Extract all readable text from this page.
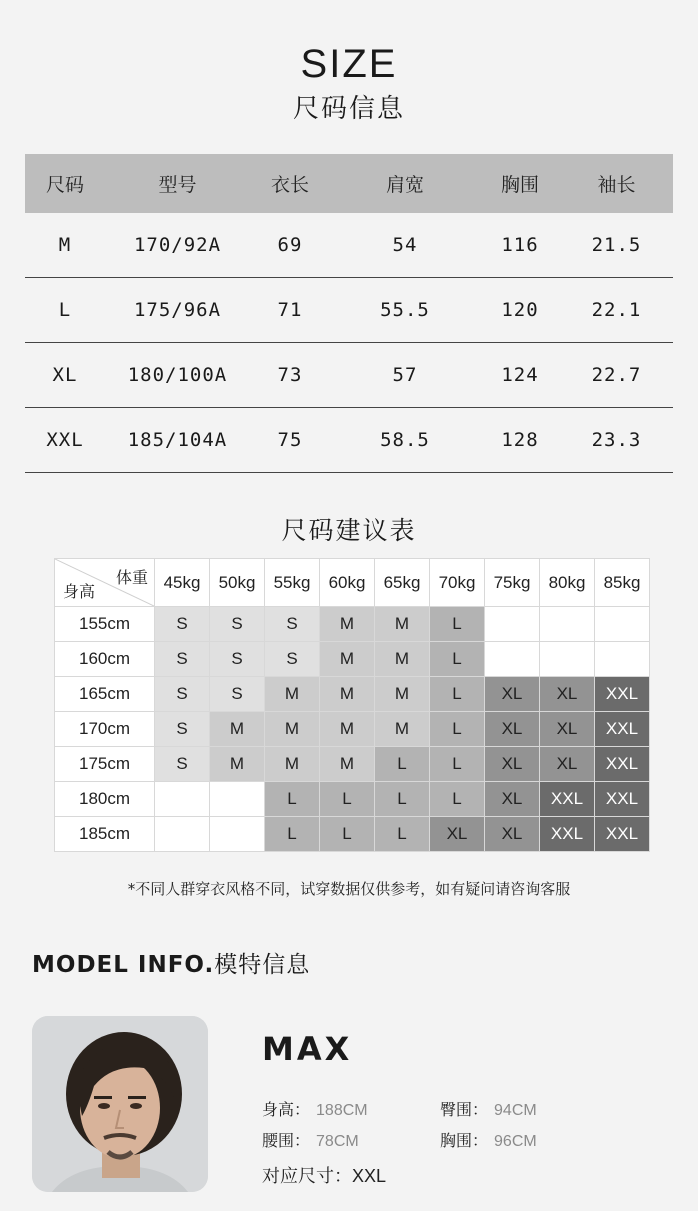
SIZE
尺码信息
尺码	型号	衣长	肩宽	胸围	袖长
M	170/92A	69	54	116	21.5
L	175/96A	71	55.5	120	22.1
XL	180/100A	73	57	124	22.7
XXL	185/104A	75	58.5	128	23.3
尺码建议表
体重
身高	45kg	50kg	55kg	60kg	65kg	70kg	75kg	80kg	85kg
155cm	S	S	S	M	M	L			
160cm	S	S	S	M	M	L			
165cm	S	S	M	M	M	L	XL	XL	XXL
170cm	S	M	M	M	M	L	XL	XL	XXL
175cm	S	M	M	M	L	L	XL	XL	XXL
180cm			L	L	L	L	XL	XXL	XXL
185cm			L	L	L	XL	XL	XXL	XXL
*不同人群穿衣风格不同，试穿数据仅供参考，如有疑问请咨询客服
MODEL INFO.模特信息
MAX
身高： 188CM	臀围： 94CM
腰围： 78CM	胸围： 96CM
对应尺寸：XXL
